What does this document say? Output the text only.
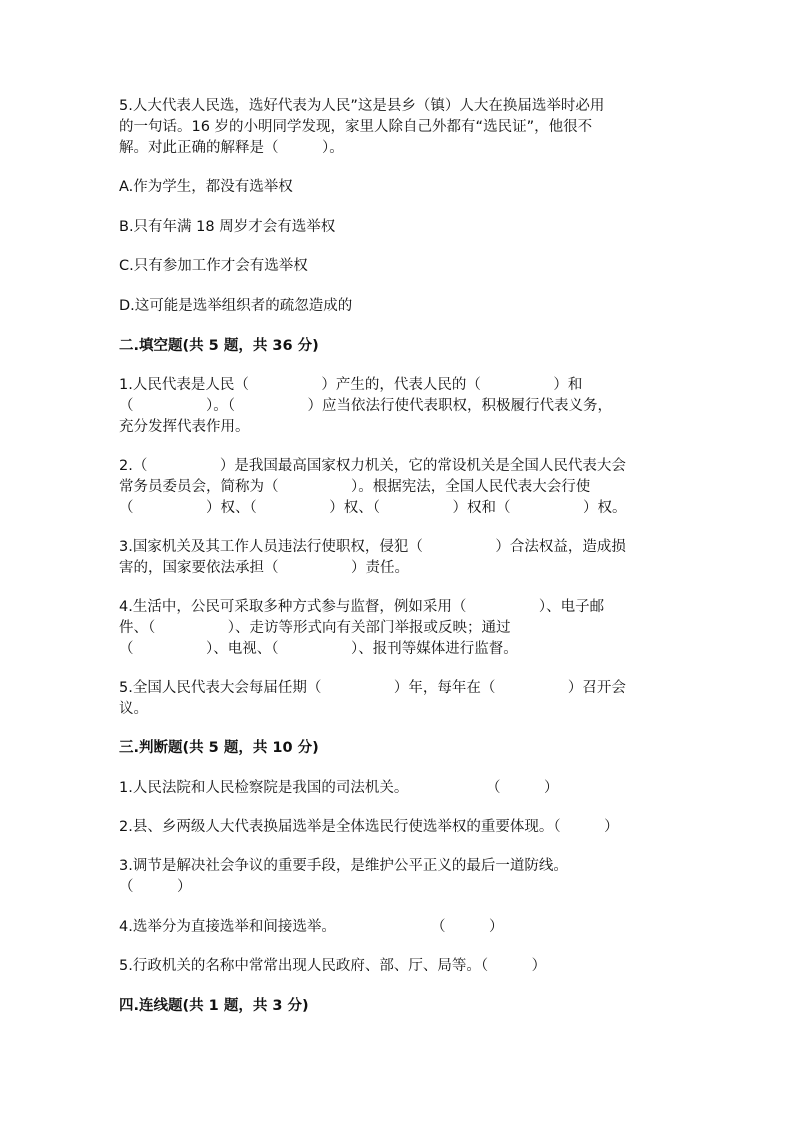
5.人大代表人民选，选好代表为人民”这是县乡（镇）人大在换届选举时必用
的一句话。16 岁的小明同学发现，家里人除自己外都有“选民证”，他很不
解。对此正确的解释是（　　　）。
A.作为学生，都没有选举权
B.只有年满 18 周岁才会有选举权
C.只有参加工作才会有选举权
D.这可能是选举组织者的疏忽造成的
二.填空题(共 5 题，共 36 分)
1.人民代表是人民（　　　　　）产生的，代表人民的（　　　　　）和
（　　　　　）。（　　　　　）应当依法行使代表职权，积极履行代表义务，
充分发挥代表作用。
2.（　　　　　）是我国最高国家权力机关，它的常设机关是全国人民代表大会
常务员委员会，简称为（　　　　　）。根据宪法，全国人民代表大会行使
（　　　　　）权、（　　　　　）权、（　　　　　）权和（　　　　　）权。
3.国家机关及其工作人员违法行使职权，侵犯（　　　　　）合法权益，造成损
害的，国家要依法承担（　　　　　）责任。
4.生活中，公民可采取多种方式参与监督，例如采用（　　　　　）、电子邮
件、（　　　　　）、走访等形式向有关部门举报或反映；通过
（　　　　　）、电视、（　　　　　）、报刊等媒体进行监督。
5.全国人民代表大会每届任期（　　　　　）年，每年在（　　　　　）召开会
议。
三.判断题(共 5 题，共 10 分)
1.人民法院和人民检察院是我国的司法机关。	（　　　）
2.县、乡两级人大代表换届选举是全体选民行使选举权的重要体现。（　　　）
3.调节是解决社会争议的重要手段，是维护公平正义的最后一道防线。
（　　　）
4.选举分为直接选举和间接选举。	（　　　）
5.行政机关的名称中常常出现人民政府、部、厅、局等。（　　　）
四.连线题(共 1 题，共 3 分)
